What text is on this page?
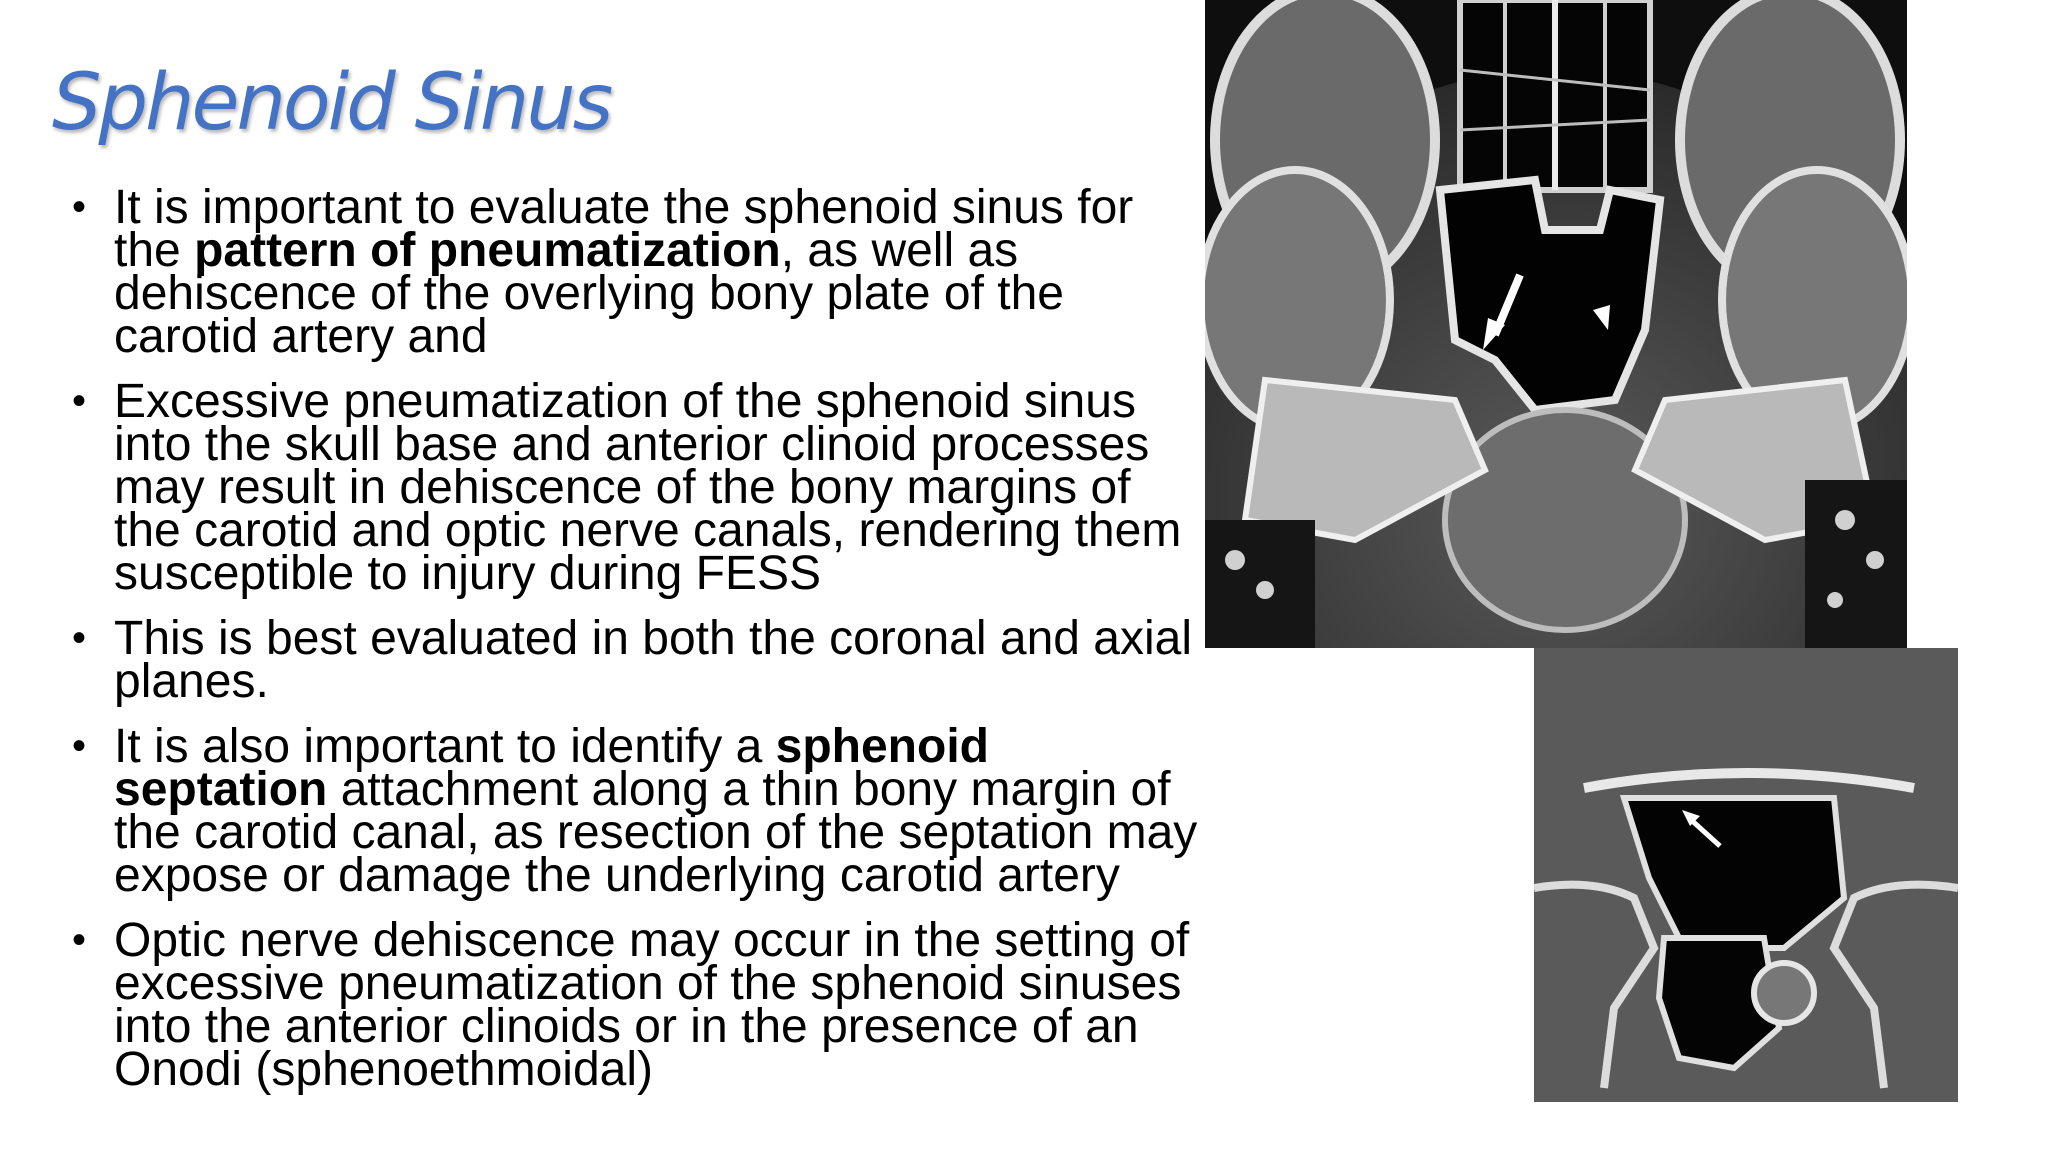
Sphenoid Sinus
• It is important to evaluate the sphenoid sinus for the pattern of pneumatization, as well as dehiscence of the overlying bony plate of the carotid artery and
• Excessive pneumatization of the sphenoid sinus into the skull base and anterior clinoid processes may result in dehiscence of the bony margins of the carotid and optic nerve canals, rendering them susceptible to injury during FESS
• This is best evaluated in both the coronal and axial planes.
• It is also important to identify a sphenoid septation attachment along a thin bony margin of the carotid canal, as resection of the septation may expose or damage the underlying carotid artery
• Optic nerve dehiscence may occur in the setting of excessive pneumatization of the sphenoid sinuses into the anterior clinoids or in the presence of an Onodi (sphenoethmoidal)
